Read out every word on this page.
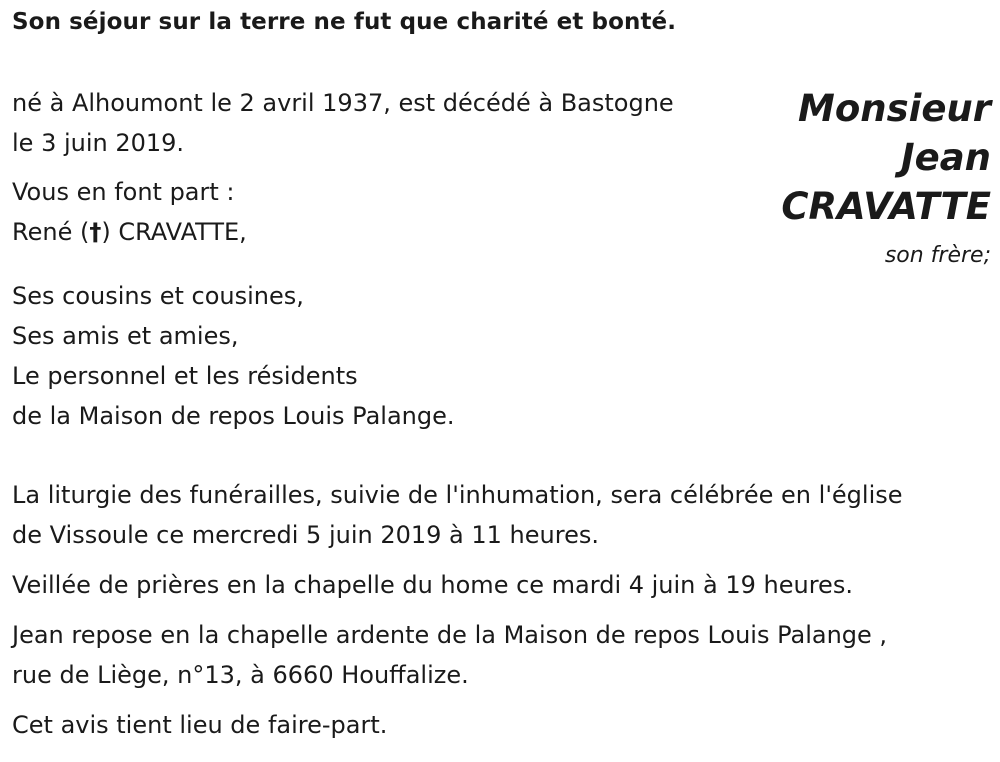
Son séjour sur la terre ne fut que charité et bonté.
Monsieur
Jean
CRAVATTE
son frère;
né à Alhoumont le 2 avril 1937, est décédé à Bastogne
le 3 juin 2019.
Vous en font part :
René (†) CRAVATTE,
Ses cousins et cousines,
Ses amis et amies,
Le personnel et les résidents
de la Maison de repos Louis Palange.
La liturgie des funérailles, suivie de l'inhumation, sera célébrée en l'église
de Vissoule ce mercredi 5 juin 2019 à 11 heures.
Veillée de prières en la chapelle du home ce mardi 4 juin à 19 heures.
Jean repose en la chapelle ardente de la Maison de repos Louis Palange ,
rue de Liège, n°13, à 6660 Houffalize.
Cet avis tient lieu de faire-part.
